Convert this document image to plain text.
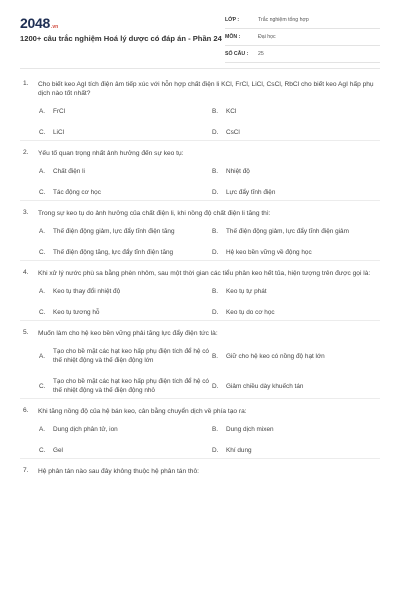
2048 .vn
1200+ câu trắc nghiệm Hoá lý dược có đáp án - Phần 24
LỚP :	Trắc nghiệm tổng hợp
MÔN :	Đại học
SỐ CÂU : 25
1. Cho biết keo AgI tích điện âm tiếp xúc với hỗn hợp chất điện li KCl, FrCl, LiCl, CsCl, RbCl cho biết keo AgI hấp phụ dịch nào tốt nhất?
A.	FrCl	B.	KCl
C.	LiCl	D.	CsCl
2. Yếu tố quan trọng nhất ảnh hưởng đến sự keo tụ:
A.	Chất điện li	B.	Nhiệt độ
C.	Tác động cơ học	D.	Lực đẩy tĩnh điện
3. Trong sự keo tụ do ảnh hưởng của chất điện li, khi nồng độ chất điện li tăng thì:
A.	Thế điện động giảm, lực đẩy tĩnh điện tăng	B.	Thế điện động giảm, lực đẩy tĩnh điện giảm
C.	Thế điện động tăng, lực đẩy tĩnh điện tăng	D.	Hệ keo bền vững về động học
4. Khi xử lý nước phù sa bằng phèn nhôm, sau một thời gian các tiểu phân keo hết tủa, hiện tượng trên được gọi là:
A.	Keo tụ thay đổi nhiệt độ	B.	Keo tụ tự phát
C.	Keo tụ tương hỗ	D.	Keo tụ do cơ học
5. Muốn làm cho hệ keo bền vững phải tăng lực đẩy điện tức là:
A.
Tạo cho bề mặt các hạt keo hấp phụ điện tích để hệ có thế nhiệt động và thế điện động lớn
B.	Giữ cho hệ keo có nồng độ hạt lớn
C.
Tạo cho bề mặt các hạt keo hấp phụ điện tích để hệ có thế nhiệt động và thế điện động nhỏ
D.	Giảm chiều dày khuếch tán
6. Khi tăng nồng độ của hệ bán keo, cân bằng chuyển dịch về phía tạo ra:
A.	Dung dịch phân tử, ion	B.	Dung dịch mixen
C.	Gel	D.	Khí dung
7. Hệ phân tán nào sau đây không thuộc hệ phân tán thô:
